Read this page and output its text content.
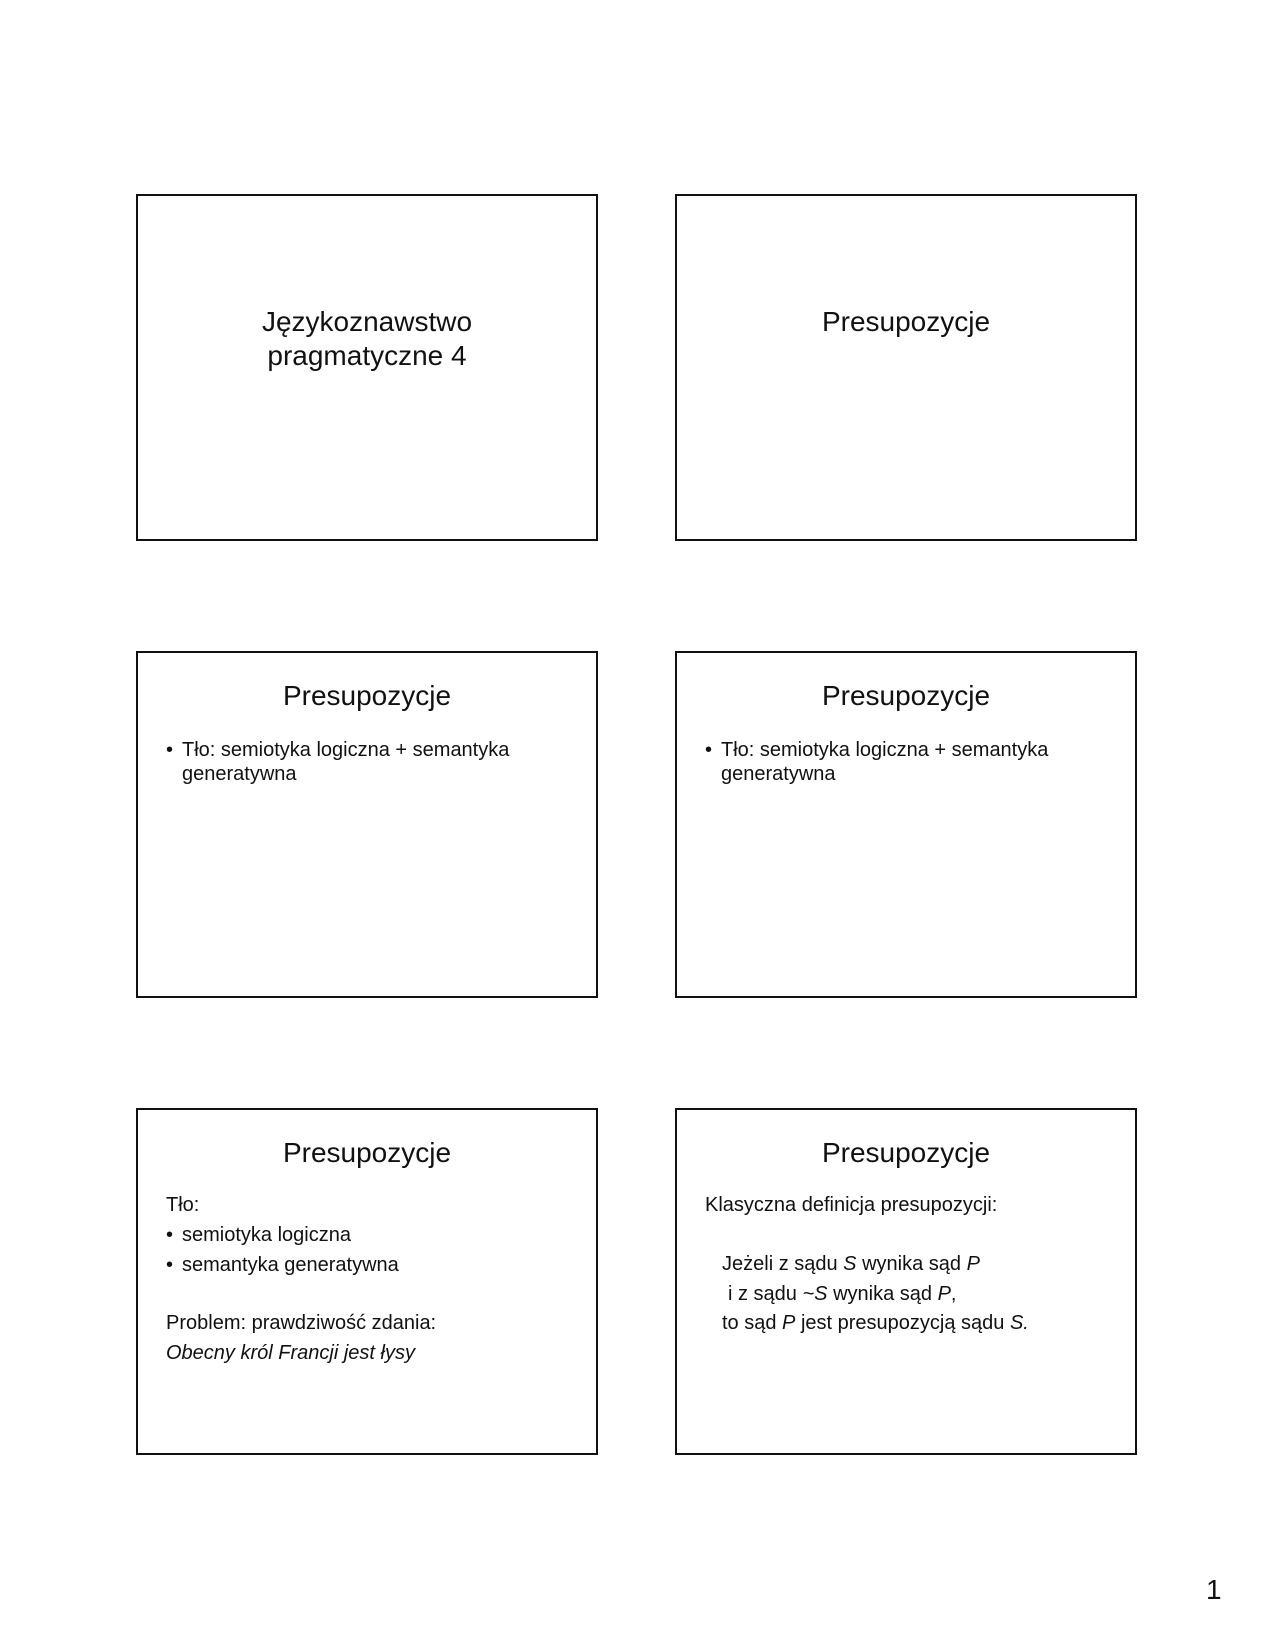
Językoznawstwo
pragmatyczne 4
Presupozycje
Presupozycje
• Tło: semiotyka logiczna + semantyka generatywna
Presupozycje
• Tło: semiotyka logiczna + semantyka generatywna
Presupozycje
Tło:
• semiotyka logiczna
• semantyka generatywna
Problem: prawdziwość zdania:
Obecny król Francji jest łysy
Presupozycje
Klasyczna definicja presupozycji:
Jeżeli z sądu S wynika sąd P
i z sądu ~S wynika sąd P,
to sąd P jest presupozycją sądu S.
1
